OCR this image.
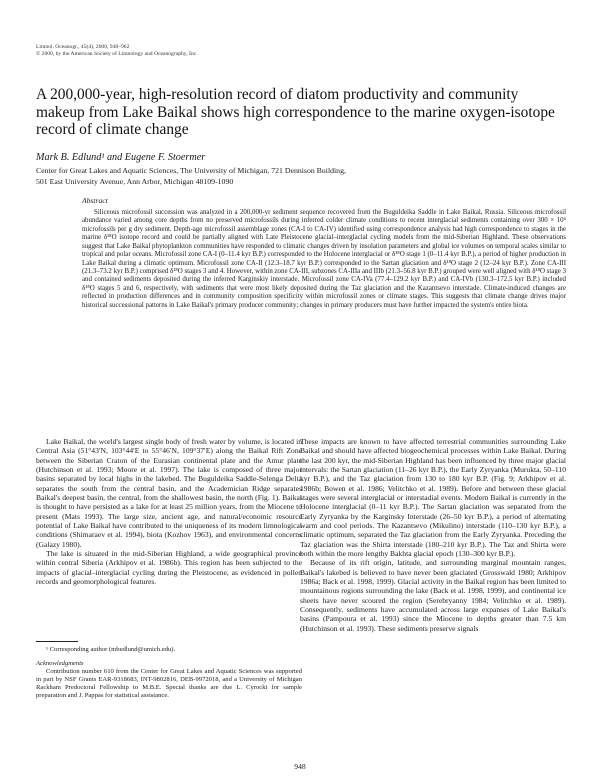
Limnol. Oceanogr., 45(4), 2000, 948–962
© 2000, by the American Society of Limnology and Oceanography, Inc.
A 200,000-year, high-resolution record of diatom productivity and community makeup from Lake Baikal shows high correspondence to the marine oxygen-isotope record of climate change
Mark B. Edlund¹ and Eugene F. Stoermer
Center for Great Lakes and Aquatic Sciences, The University of Michigan, 721 Dennison Building,
501 East University Avenue, Ann Arbor, Michigan 48109-1090
Abstract

Siliceous microfossil succession was analyzed in a 200,000-yr sediment sequence recovered from the Buguldeika Saddle in Lake Baikal, Russia. Siliceous microfossil abundance varied among core depths from no preserved microfossils during inferred colder climate conditions to recent interglacial sediments containing over 300 × 10⁶ microfossils per g dry sediment. Depth-age microfossil assemblage zones (CA-I to CA-IV) identified using correspondence analysis had high correspondence to stages in the marine δ¹⁸O isotope record and could be partially aligned with Late Pleistocene glacial–interglacial cycling models from the mid-Siberian Highland. These observations suggest that Lake Baikal phytoplankton communities have responded to climatic changes driven by insolation parameters and global ice volumes on temporal scales similar to tropical and polar oceans. Microfossil zone CA-I (0–11.4 kyr B.P.) corresponded to the Holocene interglacial or δ¹⁸O stage 1 (0–11.4 kyr B.P.), a period of higher production in Lake Baikal during a climatic optimum. Microfossil zone CA-II (12.3–18.7 kyr B.P.) corresponded to the Sartan glaciation and δ¹⁸O stage 2 (12–24 kyr B.P.). Zone CA-III (21.3–73.2 kyr B.P.) comprised δ¹⁸O stages 3 and 4. However, within zone CA-III, subzones CA-IIIa and IIIb (21.3–56.8 kyr B.P.) grouped were well aligned with δ¹⁸O stage 3 and contained sediments deposited during the inferred Karginskiy interstade. Microfossil zone CA-IVa (77.4–129.2 kyr B.P.) and CA-IVb (130.3–172.5 kyr B.P.) included δ¹⁸O stages 5 and 6, respectively, with sediments that were most likely deposited during the Taz glaciation and the Kazantsevo interstade. Climate-induced changes are reflected in production differences and in community composition specificity within microfossil zones or climate stages. This suggests that climate change drives major historical successional patterns in Lake Baikal's primary producer community; changes in primary producers must have further impacted the system's entire biota.

Lake Baikal, the world's largest single body of fresh water by volume, is located in Central Asia (51°43′N, 103°44′E to 55°46′N, 109°37′E) along the Baikal Rift Zone between the Siberian Craton of the Eurasian continental plate and the Amur plate (Hutchinson et al. 1993; Moore et al. 1997). The lake is composed of three major basins separated by local highs in the lakebed. The Buguldeika Saddle-Selenga Delta separates the south from the central basin, and the Academician Ridge separates Baikal's deepest basin, the central, from the shallowest basin, the north (Fig. 1). Baikal is thought to have persisted as a lake for at least 25 million years, from the Miocene to present (Mats 1993). The large size, ancient age, and natural/economic resource potential of Lake Baikal have contributed to the uniqueness of its modern limnological conditions (Shimaraev et al. 1994), biota (Kozhov 1963), and environmental concerns (Galazy 1980).

The lake is situated in the mid-Siberian Highland, a wide geographical province within central Siberia (Arkhipov et al. 1986b). This region has been subjected to the impacts of glacial–interglacial cycling during the Pleistocene, as evidenced in pollen records and geomorphological features.

These impacts are known to have affected terrestrial communities surrounding Lake Baikal and should have affected biogeochemical processes within Lake Baikal. During the last 200 kyr, the mid-Siberian Highland has been influenced by three major glacial intervals: the Sartan glaciation (11–26 kyr B.P.), the Early Zyryanka (Murukta, 50–110 kyr B.P.), and the Taz glaciation from 130 to 180 kyr B.P. (Fig. 9; Arkhipov et al. 1986b; Bowen et al. 1986; Velitchko et al. 1989). Before and between these glacial stages were several interglacial or interstadial events. Modern Baikal is currently in the Holocene interglacial (0–11 kyr B.P.). The Sartan glaciation was separated from the Early Zyryanka by the Karginsky Interstade (26–50 kyr B.P.), a period of alternating warm and cool periods. The Kazantsevo (Mikulino) interstade (110–130 kyr B.P.), a climatic optimum, separated the Taz glaciation from the Early Zyryanka. Preceding the Taz glaciation was the Shirta interstade (180–210 kyr B.P.). The Taz and Shirta were both within the more lengthy Bakhta glacial epoch (130–300 kyr B.P.).

Because of its rift origin, latitude, and surrounding marginal mountain ranges, Baikal's lakebed is believed to have never been glaciated (Grosswald 1980; Arkhipov 1986a; Back et al. 1998, 1999). Glacial activity in the Baikal region has been limited to mountainous regions surrounding the lake (Back et al. 1998, 1999), and continental ice sheets have never scoured the region (Serebryanny 1984; Velitchko et al. 1989). Consequently, sediments have accumulated across large expanses of Lake Baikal's basins (Pampoura et al. 1993) since the Miocene to depths greater than 7.5 km (Hutchinson et al. 1993). These sediments preserve signals

¹ Corresponding author (mbedlund@umich.edu).

Acknowledgments

Contribution number 610 from the Center for Great Lakes and Aquatic Sciences was supported in part by NSF Grants EAR-9318683, INT-9802816, DEB-9972018, and a University of Michigan Rackham Predoctoral Fellowship to M.B.E. Special thanks are due L. Cyrocki for sample preparation and J. Pappas for statistical assistance.

948
